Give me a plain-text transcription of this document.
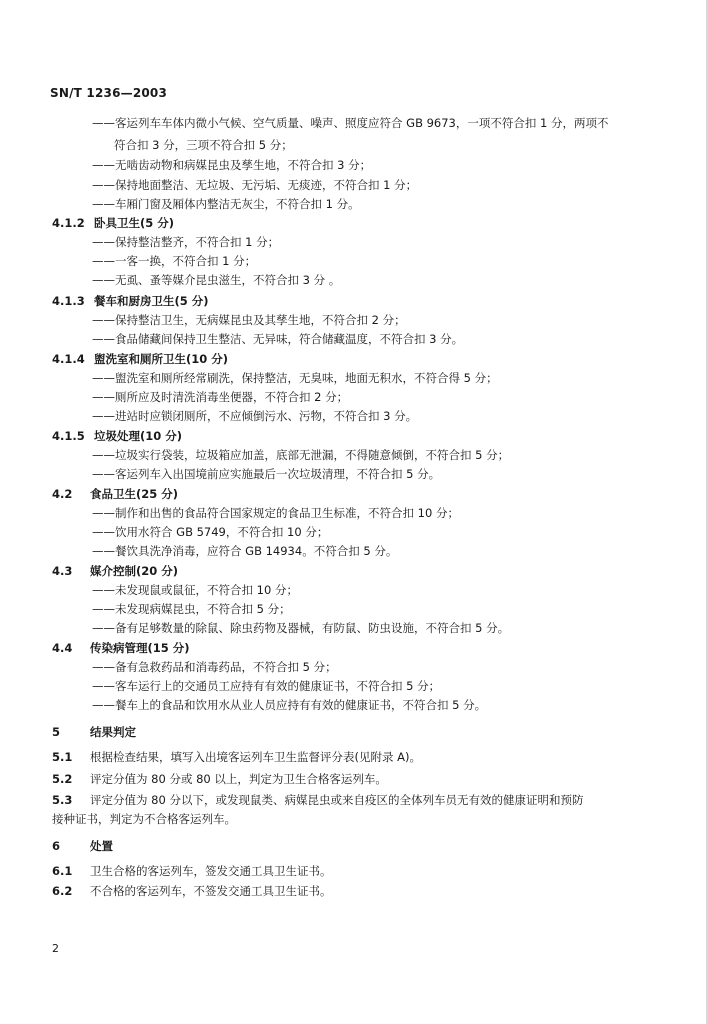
SN/T 1236—2003
——客运列车车体内微小气候、空气质量、噪声、照度应符合 GB 9673，一项不符合扣 1 分，两项不
符合扣 3 分，三项不符合扣 5 分；
——无啮齿动物和病媒昆虫及孳生地，不符合扣 3 分；
——保持地面整洁、无垃圾、无污垢、无痰迹，不符合扣 1 分；
——车厢门窗及厢体内整洁无灰尘，不符合扣 1 分。
4.1.2 卧具卫生(5 分)
——保持整洁整齐，不符合扣 1 分；
——一客一换，不符合扣 1 分；
——无虱、蚤等媒介昆虫滋生，不符合扣 3 分 。
4.1.3 餐车和厨房卫生(5 分)
——保持整洁卫生，无病媒昆虫及其孳生地，不符合扣 2 分；
——食品储藏间保持卫生整洁、无异味，符合储藏温度，不符合扣 3 分。
4.1.4 盥洗室和厕所卫生(10 分)
——盥洗室和厕所经常刷洗，保持整洁，无臭味，地面无积水，不符合得 5 分；
——厕所应及时清洗消毒坐便器，不符合扣 2 分；
——进站时应锁闭厕所，不应倾倒污水、污物，不符合扣 3 分。
4.1.5 垃圾处理(10 分)
——垃圾实行袋装，垃圾箱应加盖，底部无泄漏，不得随意倾倒，不符合扣 5 分；
——客运列车入出国境前应实施最后一次垃圾清理，不符合扣 5 分。
4.2 食品卫生(25 分)
——制作和出售的食品符合国家规定的食品卫生标准，不符合扣 10 分；
——饮用水符合 GB 5749，不符合扣 10 分；
——餐饮具洗净消毒，应符合 GB 14934。不符合扣 5 分。
4.3 媒介控制(20 分)
——未发现鼠或鼠征，不符合扣 10 分；
——未发现病媒昆虫，不符合扣 5 分；
——备有足够数量的除鼠、除虫药物及器械，有防鼠、防虫设施，不符合扣 5 分。
4.4 传染病管理(15 分)
——备有急救药品和消毒药品，不符合扣 5 分；
——客车运行上的交通员工应持有有效的健康证书，不符合扣 5 分；
——餐车上的食品和饮用水从业人员应持有有效的健康证书，不符合扣 5 分。
5	结果判定
5.1 根据检查结果，填写入出境客运列车卫生监督评分表(见附录 A)。
5.2 评定分值为 80 分或 80 以上，判定为卫生合格客运列车。
5.3 评定分值为 80 分以下，或发现鼠类、病媒昆虫或来自疫区的全体列车员无有效的健康证明和预防
接种证书，判定为不合格客运列车。
6	处置
6.1 卫生合格的客运列车，签发交通工具卫生证书。
6.2 不合格的客运列车，不签发交通工具卫生证书。
2
